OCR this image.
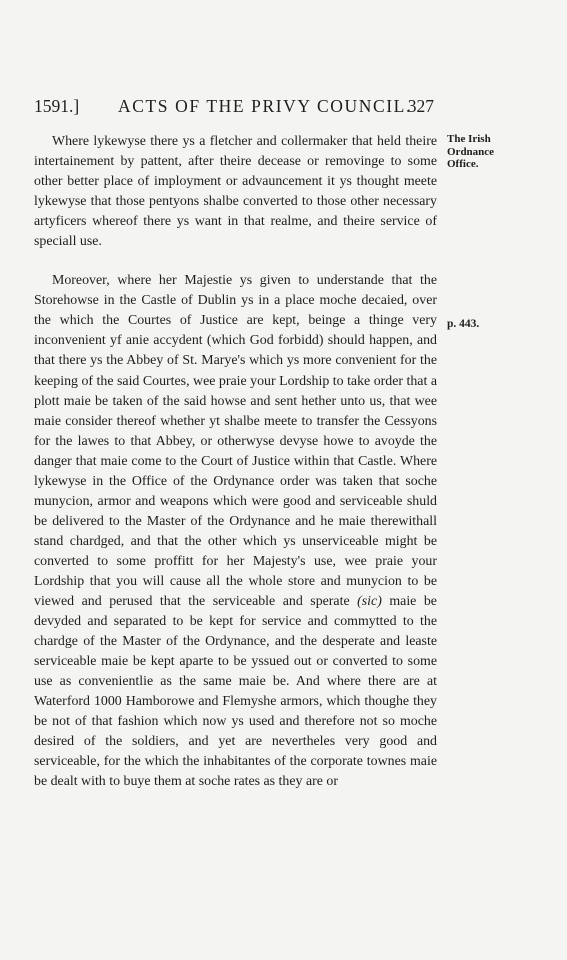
1591.] ACTS OF THE PRIVY COUNCIL.
327
The Irish
Ordnance
Office.
p. 443.

Where lykewyse there ys a fletcher and collermaker that held theire intertainement by pattent, after theire decease or removinge to some other better place of imployment or advauncement it ys thought meete lykewyse that those pentyons shalbe converted to those other necessary artyficers whereof there ys want in that realme, and theire service of speciall use.

Moreover, where her Majestie ys given to understande that the Storehowse in the Castle of Dublin ys in a place moche decaied, over the which the Courtes of Justice are kept, beinge a thinge very inconvenient yf anie accydent (which God forbidd) should happen, and that there ys the Abbey of St. Marye's which ys more convenient for the keeping of the said Courtes, wee praie your Lordship to take order that a plott maie be taken of the said howse and sent hether unto us, that wee maie consider thereof whether yt shalbe meete to transfer the Cessyons for the lawes to that Abbey, or otherwyse devyse howe to avoyde the danger that maie come to the Court of Justice within that Castle. Where lykewyse in the Office of the Ordynance order was taken that soche munycion, armor and weapons which were good and serviceable shuld be delivered to the Master of the Ordynance and he maie therewithall stand chardged, and that the other which ys unserviceable might be converted to some proffitt for her Majesty's use, wee praie your Lordship that you will cause all the whole store and munycion to be viewed and perused that the serviceable and sperate (sic) maie be devyded and separated to be kept for service and commytted to the chardge of the Master of the Ordynance, and the desperate and leaste serviceable maie be kept aparte to be yssued out or converted to some use as convenientlie as the same maie be. And where there are at Waterford 1000 Hamborowe and Flemyshe armors, which thoughe they be not of that fashion which now ys used and therefore not so moche desired of the soldiers, and yet are nevertheles very good and serviceable, for the which the inhabitantes of the corporate townes maie be dealt with to buye them at soche rates as they are or
